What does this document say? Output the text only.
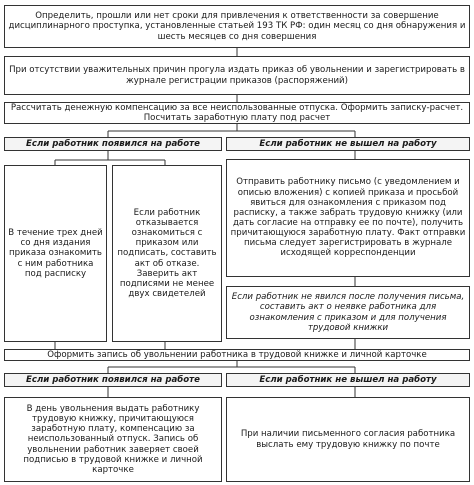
Определить, прошли или нет сроки для привлечения к ответственности за совершение дисциплинарного проступка, установленные статьей 193 ТК РФ: один месяц со дня обнаружения и шесть месяцев со дня совершения
При отсутствии уважительных причин прогула издать приказ об увольнении и зарегистрировать в журнале регистрации приказов (распоряжений)
Рассчитать денежную компенсацию за все неиспользованные отпуска. Оформить записку-расчет. Посчитать заработную плату под расчет
Если работник появился на работе	Если работник не вышел на работу
В течение трех дней со дня издания приказа ознакомить с ним работника под расписку
Если работник отказывается ознакомиться с приказом или подписать, составить акт об отказе. Заверить акт подписями не менее двух свидетелей
Отправить работнику письмо (с уведомлением и описью вложения) с копией приказа и просьбой явиться для ознакомления с приказом под расписку, а также забрать трудовую книжку (или дать согласие на отправку ее по почте), получить причитающуюся заработную плату. Факт отправки письма следует зарегистрировать в журнале исходящей корреспонденции
Если работник не явился после получения письма, составить акт о неявке работника для ознакомления с приказом и для получения трудовой книжки
Оформить запись об увольнении работника в трудовой книжке и личной карточке
Если работник появился на работе	Если работник не вышел на работу
В день увольнения выдать работнику трудовую книжку, причитающуюся заработную плату, компенсацию за неиспользованный отпуск. Запись об увольнении работник заверяет своей подписью в трудовой книжке и личной карточке
При наличии письменного согласия работника выслать ему трудовую книжку по почте
